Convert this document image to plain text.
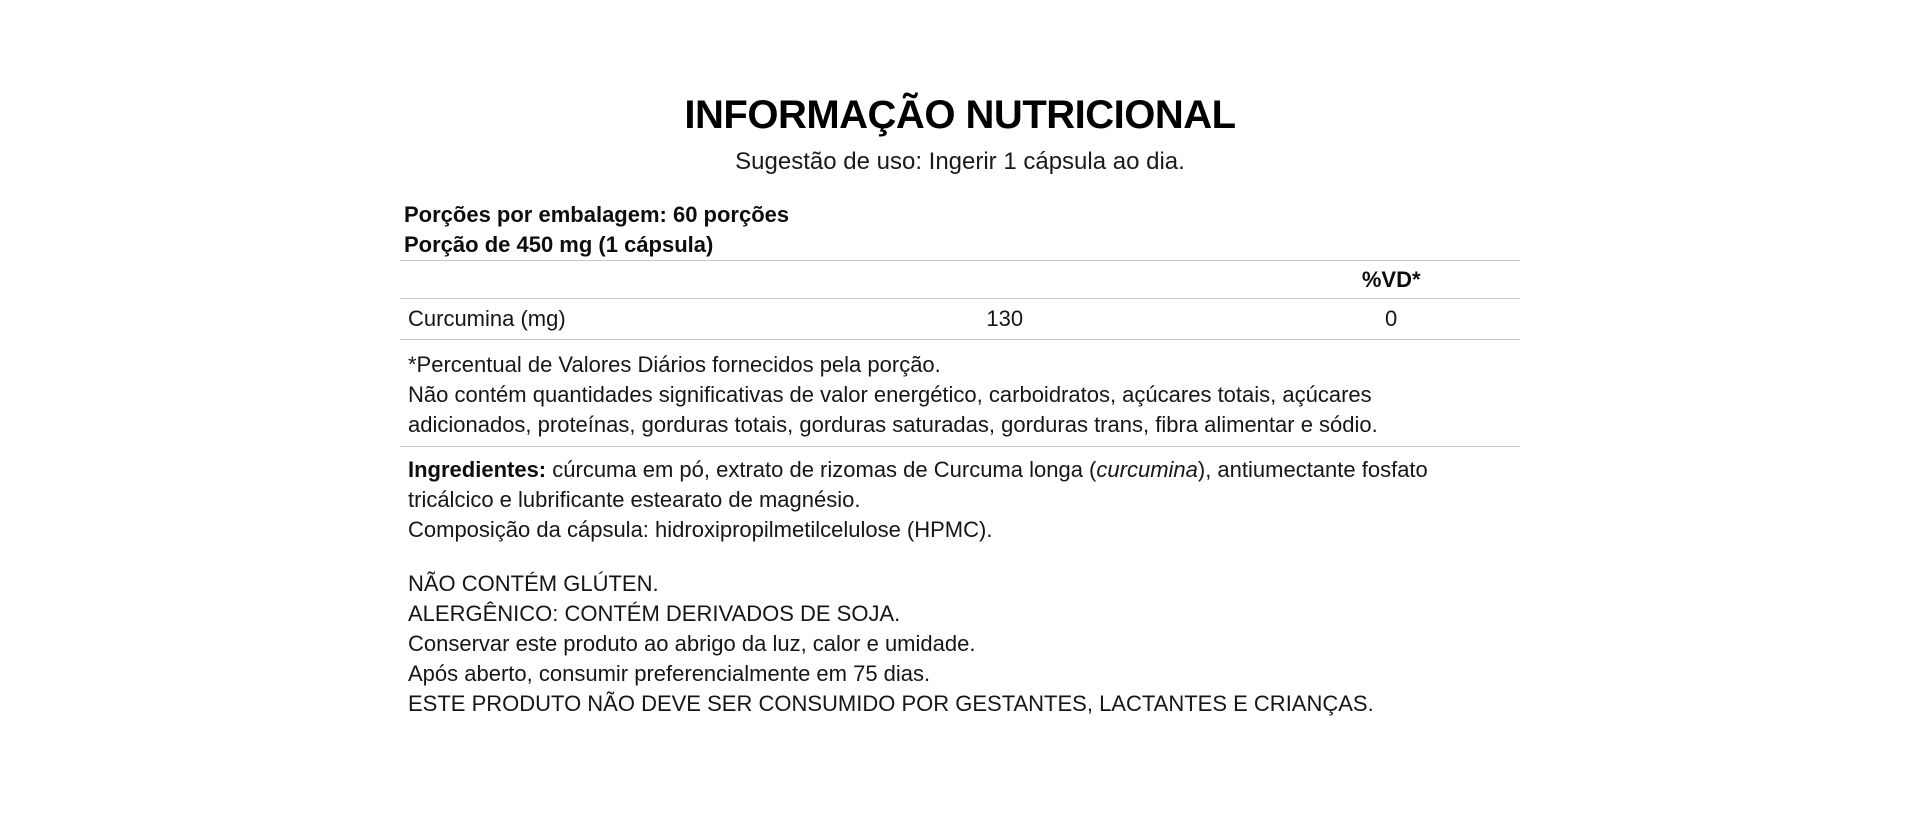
INFORMAÇÃO NUTRICIONAL
Sugestão de uso: Ingerir 1 cápsula ao dia.
Porções por embalagem: 60 porções
Porção de 450 mg (1 cápsula)
%VD*
Curcumina (mg)	130	0
*Percentual de Valores Diários fornecidos pela porção.
Não contém quantidades significativas de valor energético, carboidratos, açúcares totais, açúcares
adicionados, proteínas, gorduras totais, gorduras saturadas, gorduras trans, fibra alimentar e sódio.
Ingredientes: cúrcuma em pó, extrato de rizomas de Curcuma longa (curcumina), antiumectante fosfato
tricálcico e lubrificante estearato de magnésio.
Composição da cápsula: hidroxipropilmetilcelulose (HPMC).
NÃO CONTÉM GLÚTEN.
ALERGÊNICO: CONTÉM DERIVADOS DE SOJA.
Conservar este produto ao abrigo da luz, calor e umidade.
Após aberto, consumir preferencialmente em 75 dias.
ESTE PRODUTO NÃO DEVE SER CONSUMIDO POR GESTANTES, LACTANTES E CRIANÇAS.
